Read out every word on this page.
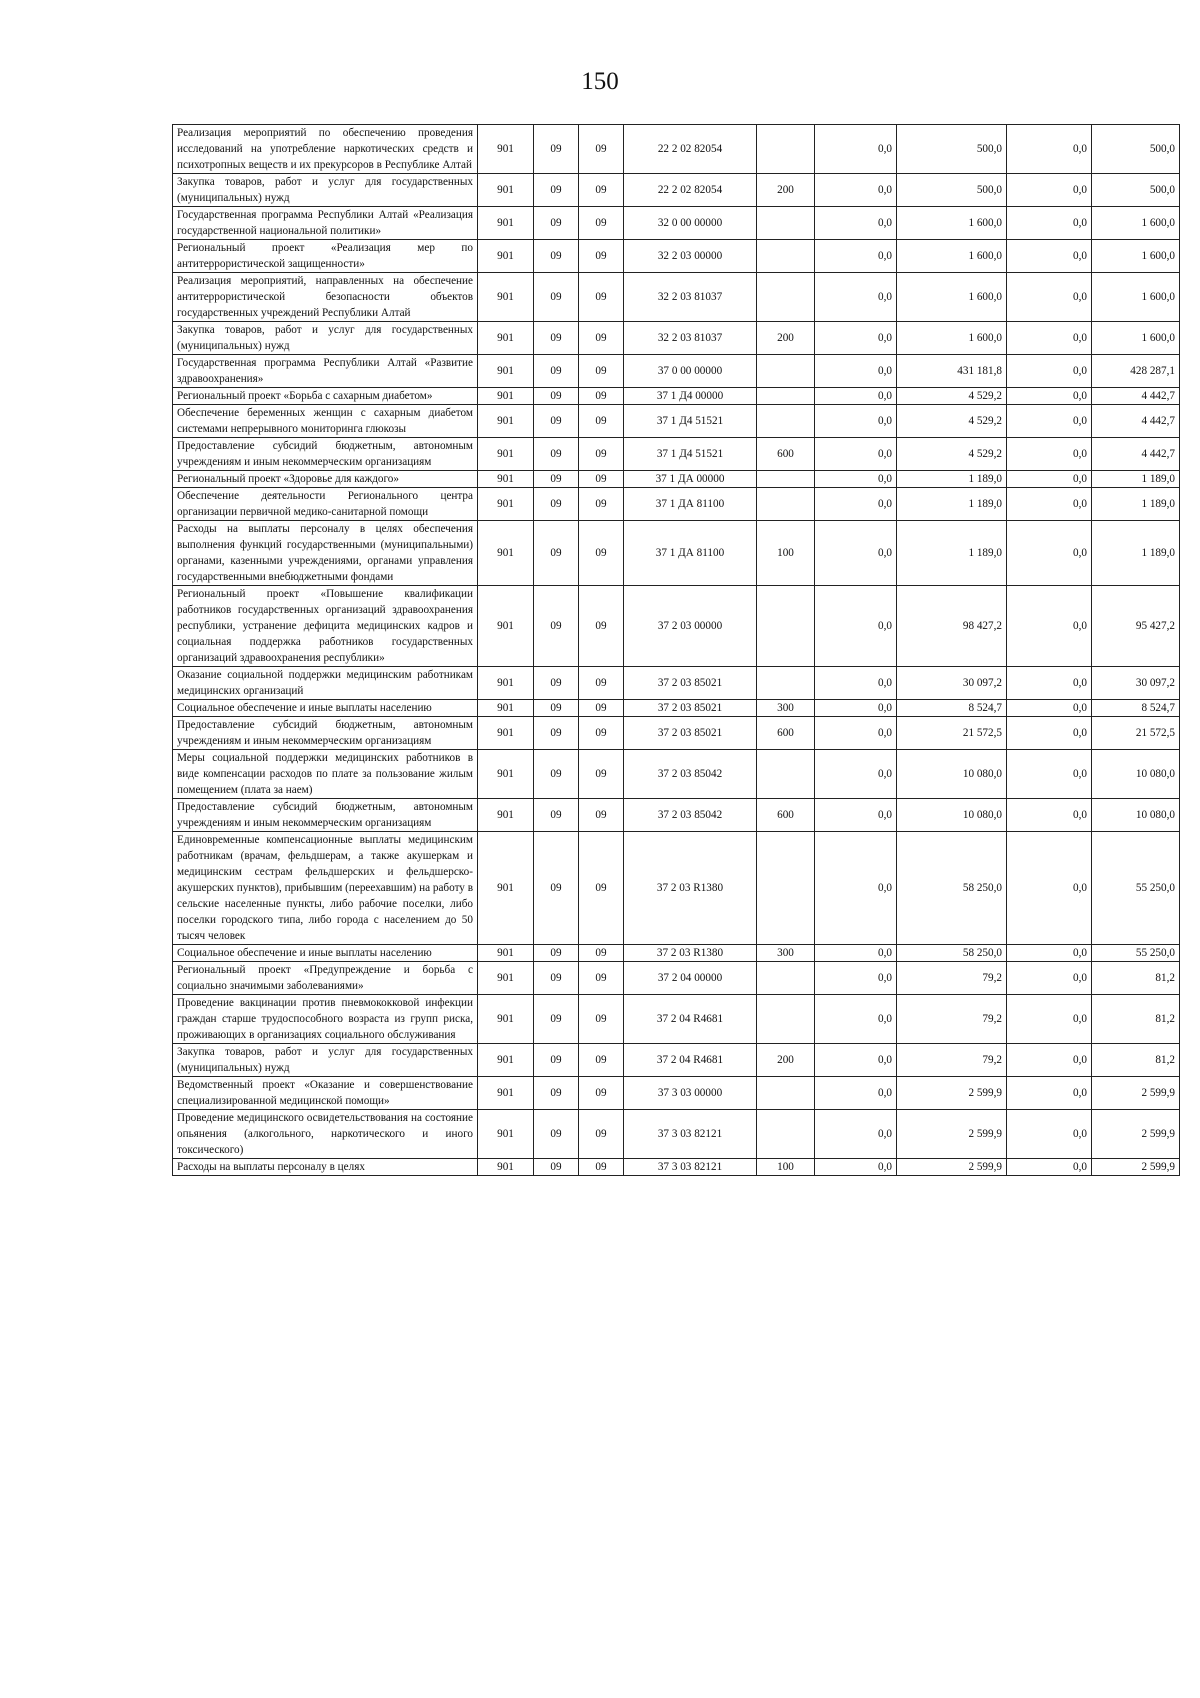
150
Реализация мероприятий по обеспечению проведения исследований на употребление наркотических средств и психотропных веществ и их прекурсоров в Республике Алтай	901	09	09	22 2 02 82054		0,0	500,0	0,0	500,0
Закупка товаров, работ и услуг для государственных (муниципальных) нужд	901	09	09	22 2 02 82054	200	0,0	500,0	0,0	500,0
Государственная программа Республики Алтай «Реализация государственной национальной политики»	901	09	09	32 0 00 00000		0,0	1 600,0	0,0	1 600,0
Региональный проект «Реализация мер по антитеррористической защищенности»	901	09	09	32 2 03 00000		0,0	1 600,0	0,0	1 600,0
Реализация мероприятий, направленных на обеспечение антитеррористической безопасности объектов государственных учреждений Республики Алтай	901	09	09	32 2 03 81037		0,0	1 600,0	0,0	1 600,0
Закупка товаров, работ и услуг для государственных (муниципальных) нужд	901	09	09	32 2 03 81037	200	0,0	1 600,0	0,0	1 600,0
Государственная программа Республики Алтай «Развитие здравоохранения»	901	09	09	37 0 00 00000		0,0	431 181,8	0,0	428 287,1
Региональный проект «Борьба с сахарным диабетом»	901	09	09	37 1 Д4 00000		0,0	4 529,2	0,0	4 442,7
Обеспечение беременных женщин с сахарным диабетом системами непрерывного мониторинга глюкозы	901	09	09	37 1 Д4 51521		0,0	4 529,2	0,0	4 442,7
Предоставление субсидий бюджетным, автономным учреждениям и иным некоммерческим организациям	901	09	09	37 1 Д4 51521	600	0,0	4 529,2	0,0	4 442,7
Региональный проект «Здоровье для каждого»	901	09	09	37 1 ДА 00000		0,0	1 189,0	0,0	1 189,0
Обеспечение деятельности Регионального центра организации первичной медико-санитарной помощи	901	09	09	37 1 ДА 81100		0,0	1 189,0	0,0	1 189,0
Расходы на выплаты персоналу в целях обеспечения выполнения функций государственными (муниципальными) органами, казенными учреждениями, органами управления государственными внебюджетными фондами	901	09	09	37 1 ДА 81100	100	0,0	1 189,0	0,0	1 189,0
Региональный проект «Повышение квалификации работников государственных организаций здравоохранения республики, устранение дефицита медицинских кадров и социальная поддержка работников государственных организаций здравоохранения республики»	901	09	09	37 2 03 00000		0,0	98 427,2	0,0	95 427,2
Оказание социальной поддержки медицинским работникам медицинских организаций	901	09	09	37 2 03 85021		0,0	30 097,2	0,0	30 097,2
Социальное обеспечение и иные выплаты населению	901	09	09	37 2 03 85021	300	0,0	8 524,7	0,0	8 524,7
Предоставление субсидий бюджетным, автономным учреждениям и иным некоммерческим организациям	901	09	09	37 2 03 85021	600	0,0	21 572,5	0,0	21 572,5
Меры социальной поддержки медицинских работников в виде компенсации расходов по плате за пользование жилым помещением (плата за наем)	901	09	09	37 2 03 85042		0,0	10 080,0	0,0	10 080,0
Предоставление субсидий бюджетным, автономным учреждениям и иным некоммерческим организациям	901	09	09	37 2 03 85042	600	0,0	10 080,0	0,0	10 080,0
Единовременные компенсационные выплаты медицинским работникам (врачам, фельдшерам, а также акушеркам и медицинским сестрам фельдшерских и фельдшерско-акушерских пунктов), прибывшим (переехавшим) на работу в сельские населенные пункты, либо рабочие поселки, либо поселки городского типа, либо города с населением до 50 тысяч человек	901	09	09	37 2 03 R1380		0,0	58 250,0	0,0	55 250,0
Социальное обеспечение и иные выплаты населению	901	09	09	37 2 03 R1380	300	0,0	58 250,0	0,0	55 250,0
Региональный проект «Предупреждение и борьба с социально значимыми заболеваниями»	901	09	09	37 2 04 00000		0,0	79,2	0,0	81,2
Проведение вакцинации против пневмококковой инфекции граждан старше трудоспособного возраста из групп риска, проживающих в организациях социального обслуживания	901	09	09	37 2 04 R4681		0,0	79,2	0,0	81,2
Закупка товаров, работ и услуг для государственных (муниципальных) нужд	901	09	09	37 2 04 R4681	200	0,0	79,2	0,0	81,2
Ведомственный проект «Оказание и совершенствование специализированной медицинской помощи»	901	09	09	37 3 03 00000		0,0	2 599,9	0,0	2 599,9
Проведение медицинского освидетельствования на состояние опьянения (алкогольного, наркотического и иного токсического)	901	09	09	37 3 03 82121		0,0	2 599,9	0,0	2 599,9
Расходы на выплаты персоналу в целях	901	09	09	37 3 03 82121	100	0,0	2 599,9	0,0	2 599,9
